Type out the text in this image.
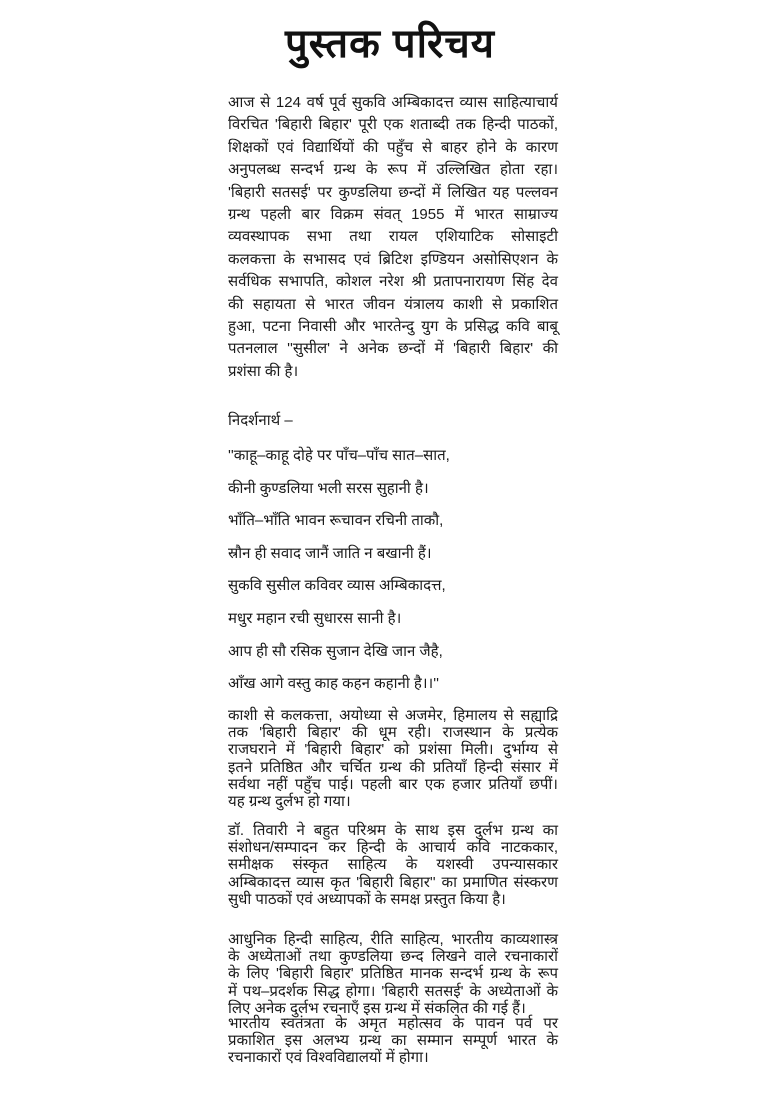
पुस्तक परिचय
आज से 124 वर्ष पूर्व सुकवि अम्बिकादत्त व्यास साहित्याचार्य
विरचित 'बिहारी बिहार' पूरी एक शताब्दी तक हिन्दी पाठकों,
शिक्षकों एवं विद्यार्थियों की पहुँच से बाहर होने के कारण
अनुपलब्ध सन्दर्भ ग्रन्थ के रूप में उल्लिखित होता रहा।
'बिहारी सतसई' पर कुण्डलिया छन्दों में लिखित यह पल्लवन
ग्रन्थ पहली बार विक्रम संवत् 1955 में भारत साम्राज्य
व्यवस्थापक सभा तथा रायल एशियाटिक सोसाइटी
कलकत्ता के सभासद एवं ब्रिटिश इण्डियन असोसिएशन के
सर्वधिक सभापति, कोशल नरेश श्री प्रतापनारायण सिंह देव
की सहायता से भारत जीवन यंत्रालय काशी से प्रकाशित
हुआ, पटना निवासी और भारतेन्दु युग के प्रसिद्ध कवि बाबू
पतनलाल ''सुसील' ने अनेक छन्दों में 'बिहारी बिहार' की
प्रशंसा की है।
निदर्शनार्थ –
''काहू–काहू दोहे पर पाँच–पाँच सात–सात,
कीनी कुण्डलिया भली सरस सुहानी है।
भाँति–भाँति भावन रूचावन रचिनी ताकौ,
स्रौन ही सवाद जानैं जाति न बखानी हैं।
सुकवि सुसील कविवर व्यास अम्बिकादत्त,
मधुर महान रची सुधारस सानी है।
आप ही सौ रसिक सुजान देखि जान जैहै,
आँख आगे वस्तु काह कहन कहानी है।।''
काशी से कलकत्ता, अयोध्या से अजमेर, हिमालय से सह्याद्रि
तक 'बिहारी बिहार' की धूम रही। राजस्थान के प्रत्येक
राजघराने में 'बिहारी बिहार' को प्रशंसा मिली। दुर्भाग्य से
इतने प्रतिष्ठित और चर्चित ग्रन्थ की प्रतियाँ हिन्दी संसार में
सर्वथा नहीं पहुँच पाई। पहली बार एक हजार प्रतियाँ छपीं।
यह ग्रन्थ दुर्लभ हो गया।
डॉ. तिवारी ने बहुत परिश्रम के साथ इस दुर्लभ ग्रन्थ का
संशोधन/सम्पादन कर हिन्दी के आचार्य कवि नाटककार,
समीक्षक संस्कृत साहित्य के यशस्वी उपन्यासकार
अम्बिकादत्त व्यास कृत 'बिहारी बिहार'' का प्रमाणित संस्करण
सुधी पाठकों एवं अध्यापकों के समक्ष प्रस्तुत किया है।
आधुनिक हिन्दी साहित्य, रीति साहित्य, भारतीय काव्यशास्त्र
के अध्येताओं तथा कुण्डलिया छन्द लिखने वाले रचनाकारों
के लिए 'बिहारी बिहार' प्रतिष्ठित मानक सन्दर्भ ग्रन्थ के रूप
में पथ–प्रदर्शक सिद्ध होगा। 'बिहारी सतसई' के अध्येताओं के
लिए अनेक दुर्लभ रचनाएँ इस ग्रन्थ में संकलित की गई हैं।
भारतीय स्वतंत्रता के अमृत महोत्सव के पावन पर्व पर
प्रकाशित इस अलभ्य ग्रन्थ का सम्मान सम्पूर्ण भारत के
रचनाकारों एवं विश्वविद्यालयों में होगा।
